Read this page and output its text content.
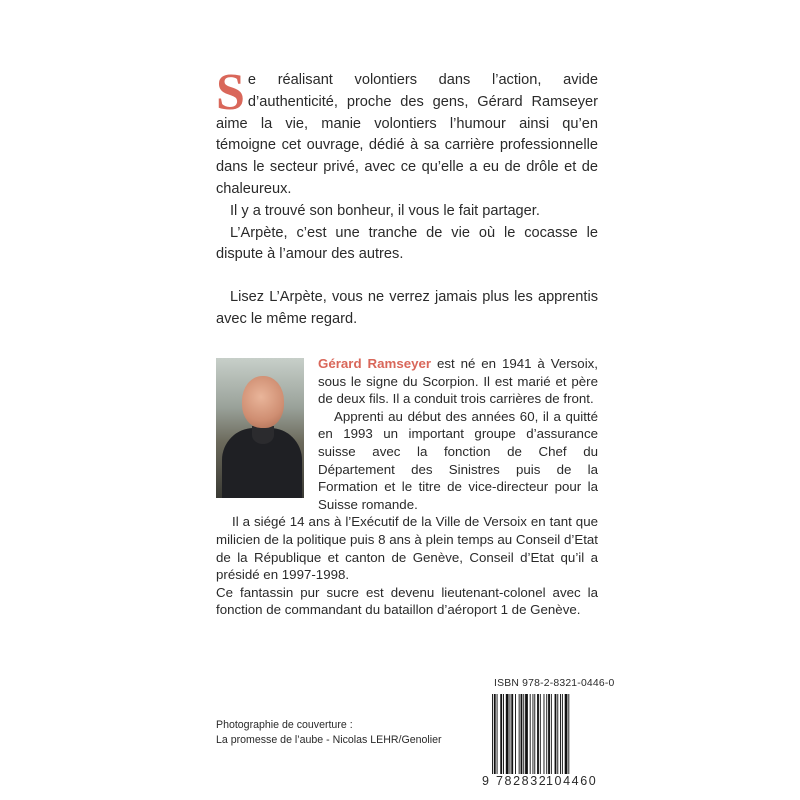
Se réalisant volontiers dans l’action, avide d’authenticité, proche des gens, Gérard Ramseyer aime la vie, manie volontiers l’humour ainsi qu’en témoigne cet ouvrage, dédié à sa carrière professionnelle dans le secteur privé, avec ce qu’elle a eu de drôle et de chaleureux.

Il y a trouvé son bonheur, il vous le fait partager.

L’Arpète, c’est une tranche de vie où le cocasse le dispute à l’amour des autres.

Lisez L’Arpète, vous ne verrez jamais plus les apprentis avec le même regard.

Gérard Ramseyer est né en 1941 à Versoix, sous le signe du Scorpion. Il est marié et père de deux fils. Il a conduit trois carrières de front.

Apprenti au début des années 60, il a quitté en 1993 un important groupe d’assurance suisse avec la fonction de Chef du Département des Sinistres puis de la Formation et le titre de vice-directeur pour la Suisse romande.

Il a siégé 14 ans à l’Exécutif de la Ville de Versoix en tant que milicien de la politique puis 8 ans à plein temps au Conseil d’Etat de la République et canton de Genève, Conseil d’Etat qu’il a présidé en 1997-1998.

Ce fantassin pur sucre est devenu lieutenant-colonel avec la fonction de commandant du bataillon d’aéroport 1 de Genève.

Photographie de couverture :
La promesse de l’aube - Nicolas LEHR/Genolier
ISBN 978-2-8321-0446-0
9 782832
104460
